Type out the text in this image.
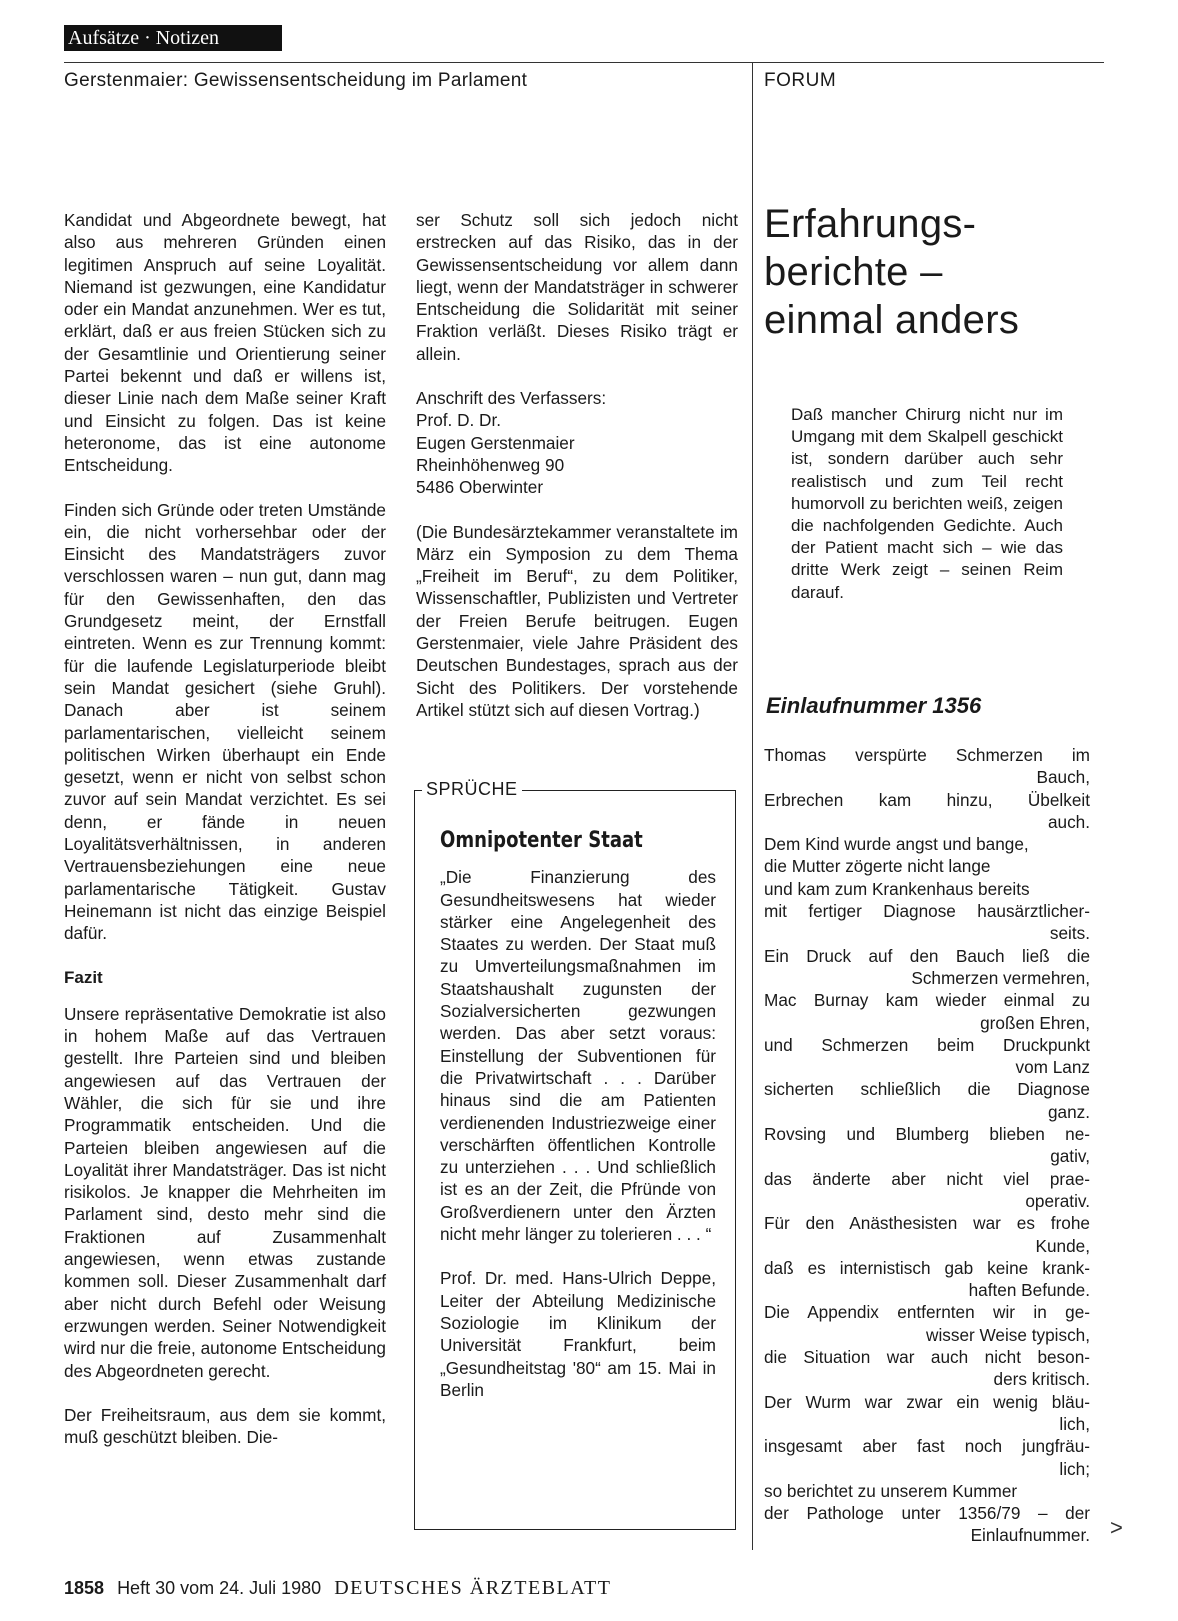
Aufsätze · Notizen
Gerstenmaier: Gewissensentscheidung im Parlament	FORUM

Kandidat und Abgeordnete bewegt, hat also aus mehreren Gründen einen legitimen Anspruch auf seine Loyalität. Niemand ist gezwungen, eine Kandidatur oder ein Mandat anzunehmen. Wer es tut, erklärt, daß er aus freien Stücken sich zu der Gesamtlinie und Orientierung seiner Partei bekennt und daß er willens ist, dieser Linie nach dem Maße seiner Kraft und Einsicht zu folgen. Das ist keine heteronome, das ist eine autonome Entscheidung.

Finden sich Gründe oder treten Umstände ein, die nicht vorhersehbar oder der Einsicht des Mandatsträgers zuvor verschlossen waren – nun gut, dann mag für den Gewissenhaften, den das Grundgesetz meint, der Ernstfall eintreten. Wenn es zur Trennung kommt: für die laufende Legislaturperiode bleibt sein Mandat gesichert (siehe Gruhl). Danach aber ist seinem parlamentarischen, vielleicht seinem politischen Wirken überhaupt ein Ende gesetzt, wenn er nicht von selbst schon zuvor auf sein Mandat verzichtet. Es sei denn, er fände in neuen Loyalitätsverhältnissen, in anderen Vertrauensbeziehungen eine neue parlamentarische Tätigkeit. Gustav Heinemann ist nicht das einzige Beispiel dafür.

Fazit

Unsere repräsentative Demokratie ist also in hohem Maße auf das Vertrauen gestellt. Ihre Parteien sind und bleiben angewiesen auf das Vertrauen der Wähler, die sich für sie und ihre Programmatik entscheiden. Und die Parteien bleiben angewiesen auf die Loyalität ihrer Mandatsträger. Das ist nicht risikolos. Je knapper die Mehrheiten im Parlament sind, desto mehr sind die Fraktionen auf Zusammenhalt angewiesen, wenn etwas zustande kommen soll. Dieser Zusammenhalt darf aber nicht durch Befehl oder Weisung erzwungen werden. Seiner Notwendigkeit wird nur die freie, autonome Entscheidung des Abgeordneten gerecht.

Der Freiheitsraum, aus dem sie kommt, muß geschützt bleiben. Die-

ser Schutz soll sich jedoch nicht erstrecken auf das Risiko, das in der Gewissensentscheidung vor allem dann liegt, wenn der Mandatsträger in schwerer Entscheidung die Solidarität mit seiner Fraktion verläßt. Dieses Risiko trägt er allein.

Anschrift des Verfassers:

Prof. D. Dr.

Eugen Gerstenmaier

Rheinhöhenweg 90

5486 Oberwinter

(Die Bundesärztekammer veranstaltete im März ein Symposion zu dem Thema „Freiheit im Beruf“, zu dem Politiker, Wissenschaftler, Publizisten und Vertreter der Freien Berufe beitrugen. Eugen Gerstenmaier, viele Jahre Präsident des Deutschen Bundestages, sprach aus der Sicht des Politikers. Der vorstehende Artikel stützt sich auf diesen Vortrag.)

SPRÜCHE
Omnipotenter Staat

„Die Finanzierung des Gesundheitswesens hat wieder stärker eine Angelegenheit des Staates zu werden. Der Staat muß zu Umverteilungsmaßnahmen im Staatshaushalt zugunsten der Sozialversicherten gezwungen werden. Das aber setzt voraus: Einstellung der Subventionen für die Privatwirtschaft . . . Darüber hinaus sind die am Patienten verdienenden Industriezweige einer verschärften öffentlichen Kontrolle zu unterziehen . . . Und schließlich ist es an der Zeit, die Pfründe von Großverdienern unter den Ärzten nicht mehr länger zu tolerieren . . . “

Prof. Dr. med. Hans-Ulrich Deppe, Leiter der Abteilung Medizinische Soziologie im Klinikum der Universität Frankfurt, beim „Gesundheitstag '80“ am 15. Mai in Berlin

Erfahrungs-
berichte –
einmal anders

Daß mancher Chirurg nicht nur im Umgang mit dem Skalpell geschickt ist, sondern darüber auch sehr realistisch und zum Teil recht humorvoll zu berichten weiß, zeigen die nachfolgenden Gedichte. Auch der Patient macht sich – wie das dritte Werk zeigt – seinen Reim darauf.

Einlaufnummer 1356
Thomas verspürte Schmerzen im
Bauch,
Erbrechen kam hinzu, Übelkeit
auch.
Dem Kind wurde angst und bange,
die Mutter zögerte nicht lange
und kam zum Krankenhaus bereits
mit fertiger Diagnose hausärztlicher-
seits.
Ein Druck auf den Bauch ließ die
Schmerzen vermehren,
Mac Burnay kam wieder einmal zu
großen Ehren,
und Schmerzen beim Druckpunkt
vom Lanz
sicherten schließlich die Diagnose
ganz.
Rovsing und Blumberg blieben ne-
gativ,
das änderte aber nicht viel prae-
operativ.
Für den Anästhesisten war es frohe
Kunde,
daß es internistisch gab keine krank-
haften Befunde.
Die Appendix entfernten wir in ge-
wisser Weise typisch,
die Situation war auch nicht beson-
ders kritisch.
Der Wurm war zwar ein wenig bläu-
lich,
insgesamt aber fast noch jungfräu-
lich;
so berichtet zu unserem Kummer
der Pathologe unter 1356/79 – der
Einlaufnummer. >
1858 Heft 30 vom 24. Juli 1980 DEUTSCHES ÄRZTEBLATT
